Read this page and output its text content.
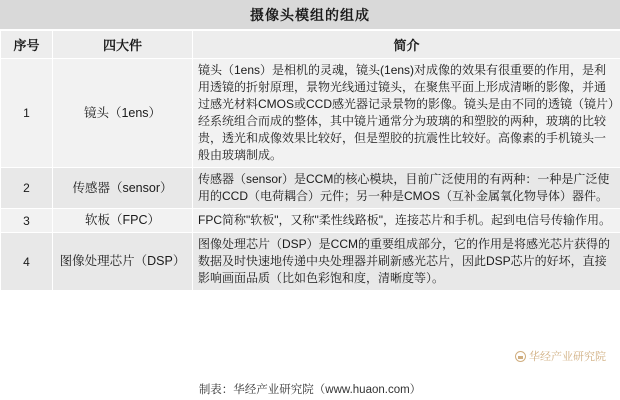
摄像头模组的组成
序号	四大件	简介
1	镜头（1ens）	镜头（1ens）是相机的灵魂，镜头(1ens)对成像的效果有很重要的作用，是利用透镜的折射原理，景物光线通过镜头，在聚焦平面上形成清晰的影像，并通过感光材料CMOS或CCD感光器记录景物的影像。镜头是由不同的透镜（镜片）经系统组合而成的整体，其中镜片通常分为玻璃的和塑胶的两种，玻璃的比较贵，透光和成像效果比较好，但是塑胶的抗震性比较好。高像素的手机镜头一般由玻璃制成。
2	传感器（sensor）	传感器（sensor）是CCM的核心模块，目前广泛使用的有两种：一种是广泛使用的CCD（电荷耦合）元件；另一种是CMOS（互补金属氧化物导体）器件。
3	软板（FPC）	FPC简称"软板"，又称"柔性线路板"，连接芯片和手机。起到电信号传输作用。
4	图像处理芯片（DSP）	图像处理芯片（DSP）是CCM的重要组成部分，它的作用是将感光芯片获得的数据及时快速地传递中央处理器并刷新感光芯片，因此DSP芯片的好坏，直接影响画面品质（比如色彩饱和度，清晰度等）。
华经产业研究院
制表：华经产业研究院（www.huaon.com）
